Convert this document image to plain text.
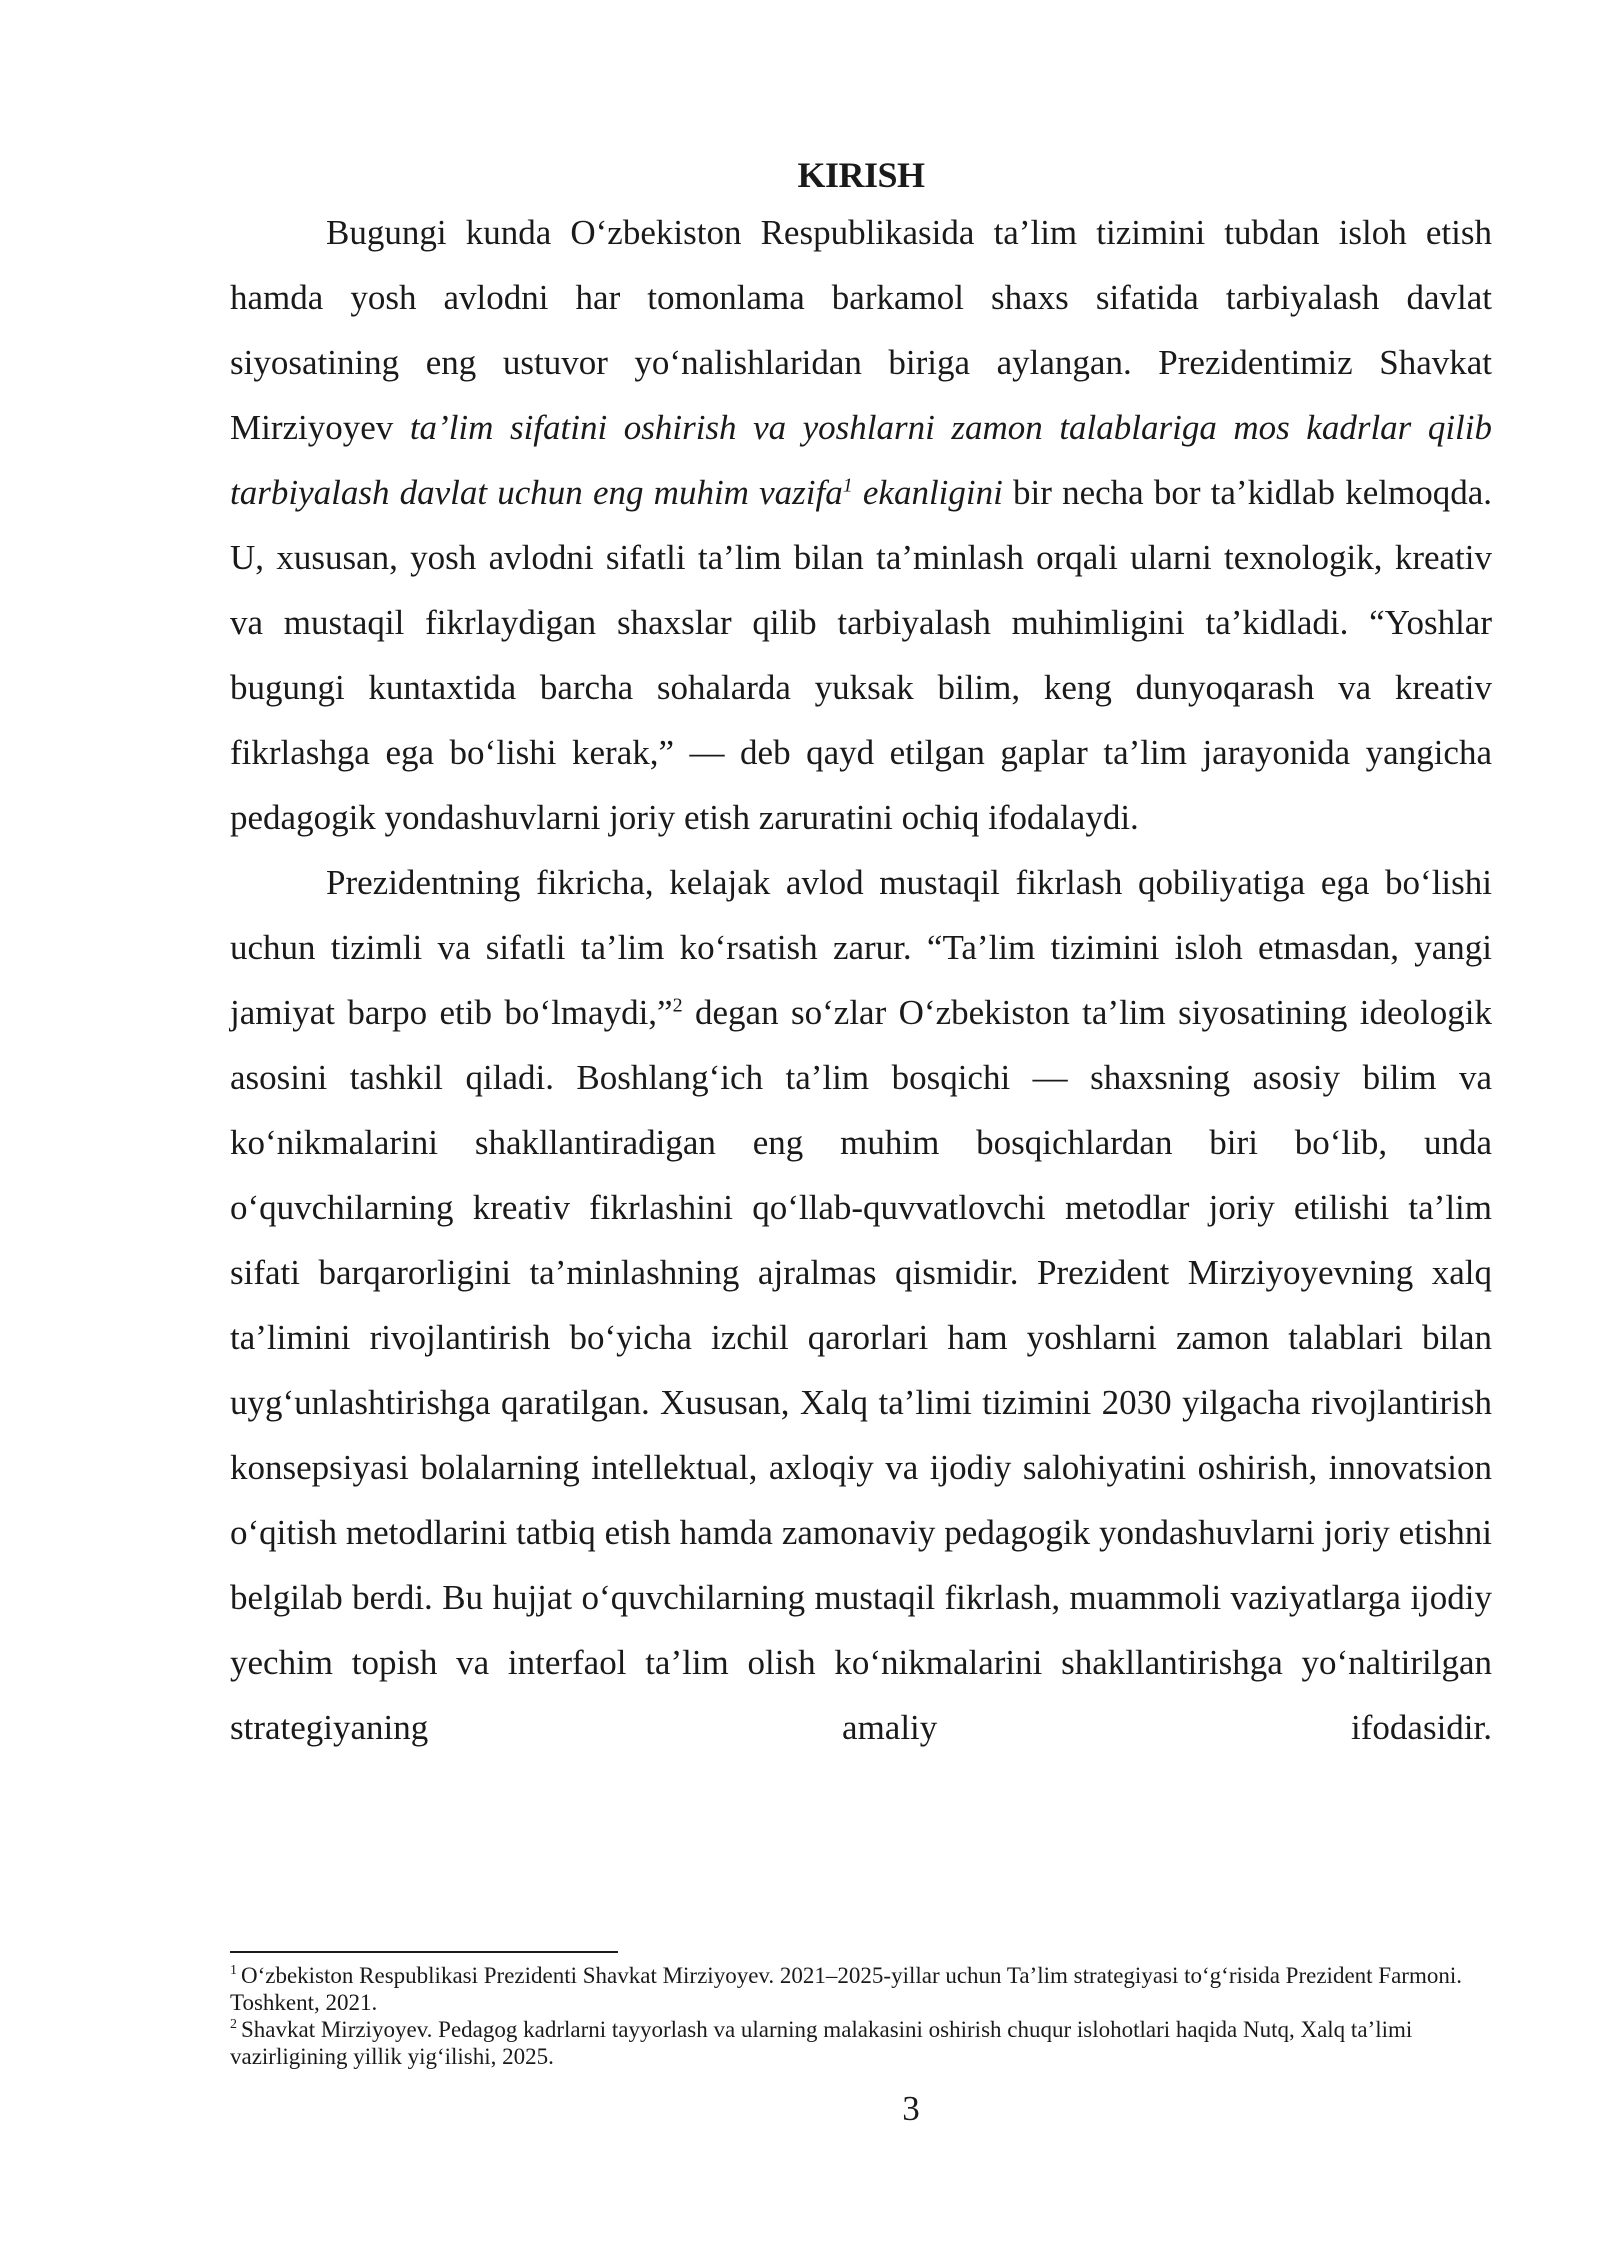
KIRISH

Bugungi kunda O‘zbekiston Respublikasida ta’lim tizimini tubdan isloh etish hamda yosh avlodni har tomonlama barkamol shaxs sifatida tarbiyalash davlat siyosatining eng ustuvor yo‘nalishlaridan biriga aylangan. Prezidentimiz Shavkat Mirziyoyev ta’lim sifatini oshirish va yoshlarni zamon talablariga mos kadrlar qilib tarbiyalash davlat uchun eng muhim vazifa$^1$ ekanligini bir necha bor ta’kidlab kelmoqda. U, xususan, yosh avlodni sifatli ta’lim bilan ta’minlash orqali ularni texnologik, kreativ va mustaqil fikrlaydigan shaxslar qilib tarbiyalash muhimligini ta’kidladi. “Yoshlar bugungi kuntaxtida barcha sohalarda yuksak bilim, keng dunyoqarash va kreativ fikrlashga ega bo‘lishi kerak,” — deb qayd etilgan gaplar ta’lim jarayonida yangicha pedagogik yondashuvlarni joriy etish zaruratini ochiq ifodalaydi.

Prezidentning fikricha, kelajak avlod mustaqil fikrlash qobiliyatiga ega bo‘lishi uchun tizimli va sifatli ta’lim ko‘rsatish zarur. “Ta’lim tizimini isloh etmasdan, yangi jamiyat barpo etib bo‘lmaydi,”$^2$ degan so‘zlar O‘zbekiston ta’lim siyosatining ideologik asosini tashkil qiladi. Boshlang‘ich ta’lim bosqichi — shaxsning asosiy bilim va ko‘nikmalarini shakllantiradigan eng muhim bosqichlardan biri bo‘lib, unda o‘quvchilarning kreativ fikrlashini qo‘llab-quvvatlovchi metodlar joriy etilishi ta’lim sifati barqarorligini ta’minlashning ajralmas qismidir. Prezident Mirziyoyevning xalq ta’limini rivojlantirish bo‘yicha izchil qarorlari ham yoshlarni zamon talablari bilan uyg‘unlashtirishga qaratilgan. Xususan, Xalq ta’limi tizimini 2030 yilgacha rivojlantirish konsepsiyasi bolalarning intellektual, axloqiy va ijodiy salohiyatini oshirish, innovatsion o‘qitish metodlarini tatbiq etish hamda zamonaviy pedagogik yondashuvlarni joriy etishni belgilab berdi. Bu hujjat o‘quvchilarning mustaqil fikrlash, muammoli vaziyatlarga ijodiy yechim topish va interfaol ta’lim olish ko‘nikmalarini shakllantirishga yo‘naltirilgan strategiyaning amaliy ifodasidir.

$^1$ O‘zbekiston Respublikasi Prezidenti Shavkat Mirziyoyev. 2021–2025-yillar uchun Ta’lim strategiyasi to‘g‘risida Prezident Farmoni. Toshkent, 2021.

$^2$ Shavkat Mirziyoyev. Pedagog kadrlarni tayyorlash va ularning malakasini oshirish chuqur islohotlari haqida Nutq, Xalq ta’limi vazirligining yillik yig‘ilishi, 2025.

3
